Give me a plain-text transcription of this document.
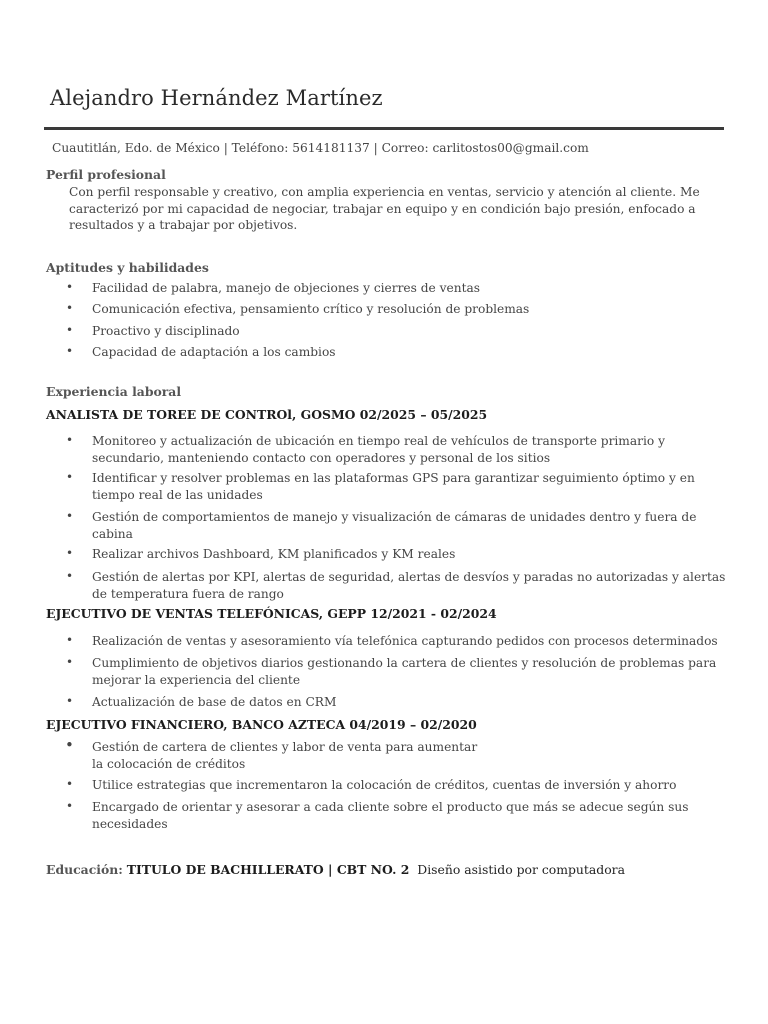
Alejandro Hernández Martínez
Cuautitlán, Edo. de México | Teléfono: 5614181137 | Correo: carlitostos00@gmail.com
Perfil profesional
Con perfil responsable y creativo, con amplia experiencia en ventas, servicio y atención al cliente. Me
caracterizó por mi capacidad de negociar, trabajar en equipo y en condición bajo presión, enfocado a
resultados y a trabajar por objetivos.
Aptitudes y habilidades
• Facilidad de palabra, manejo de objeciones y cierres de ventas
• Comunicación efectiva, pensamiento crítico y resolución de problemas
• Proactivo y disciplinado
• Capacidad de adaptación a los cambios
Experiencia laboral
ANALISTA DE TOREE DE CONTROl, GOSMO 02/2025 – 05/2025
• Monitoreo y actualización de ubicación en tiempo real de vehículos de transporte primario y
secundario, manteniendo contacto con operadores y personal de los sitios
• Identificar y resolver problemas en las plataformas GPS para garantizar seguimiento óptimo y en
tiempo real de las unidades
• Gestión de comportamientos de manejo y visualización de cámaras de unidades dentro y fuera de
cabina
• Realizar archivos Dashboard, KM planificados y KM reales
• Gestión de alertas por KPI, alertas de seguridad, alertas de desvíos y paradas no autorizadas y alertas
de temperatura fuera de rango
EJECUTIVO DE VENTAS TELEFÓNICAS, GEPP 12/2021 - 02/2024
• Realización de ventas y asesoramiento vía telefónica capturando pedidos con procesos determinados
• Cumplimiento de objetivos diarios gestionando la cartera de clientes y resolución de problemas para
mejorar la experiencia del cliente
• Actualización de base de datos en CRM
EJECUTIVO FINANCIERO, BANCO AZTECA 04/2019 – 02/2020
• Gestión de cartera de clientes y labor de venta para aumentar
la colocación de créditos
• Utilice estrategias que incrementaron la colocación de créditos, cuentas de inversión y ahorro
• Encargado de orientar y asesorar a cada cliente sobre el producto que más se adecue según sus
necesidades
Educación: TITULO DE BACHILLERATO | CBT NO. 2 Diseño asistido por computadora
